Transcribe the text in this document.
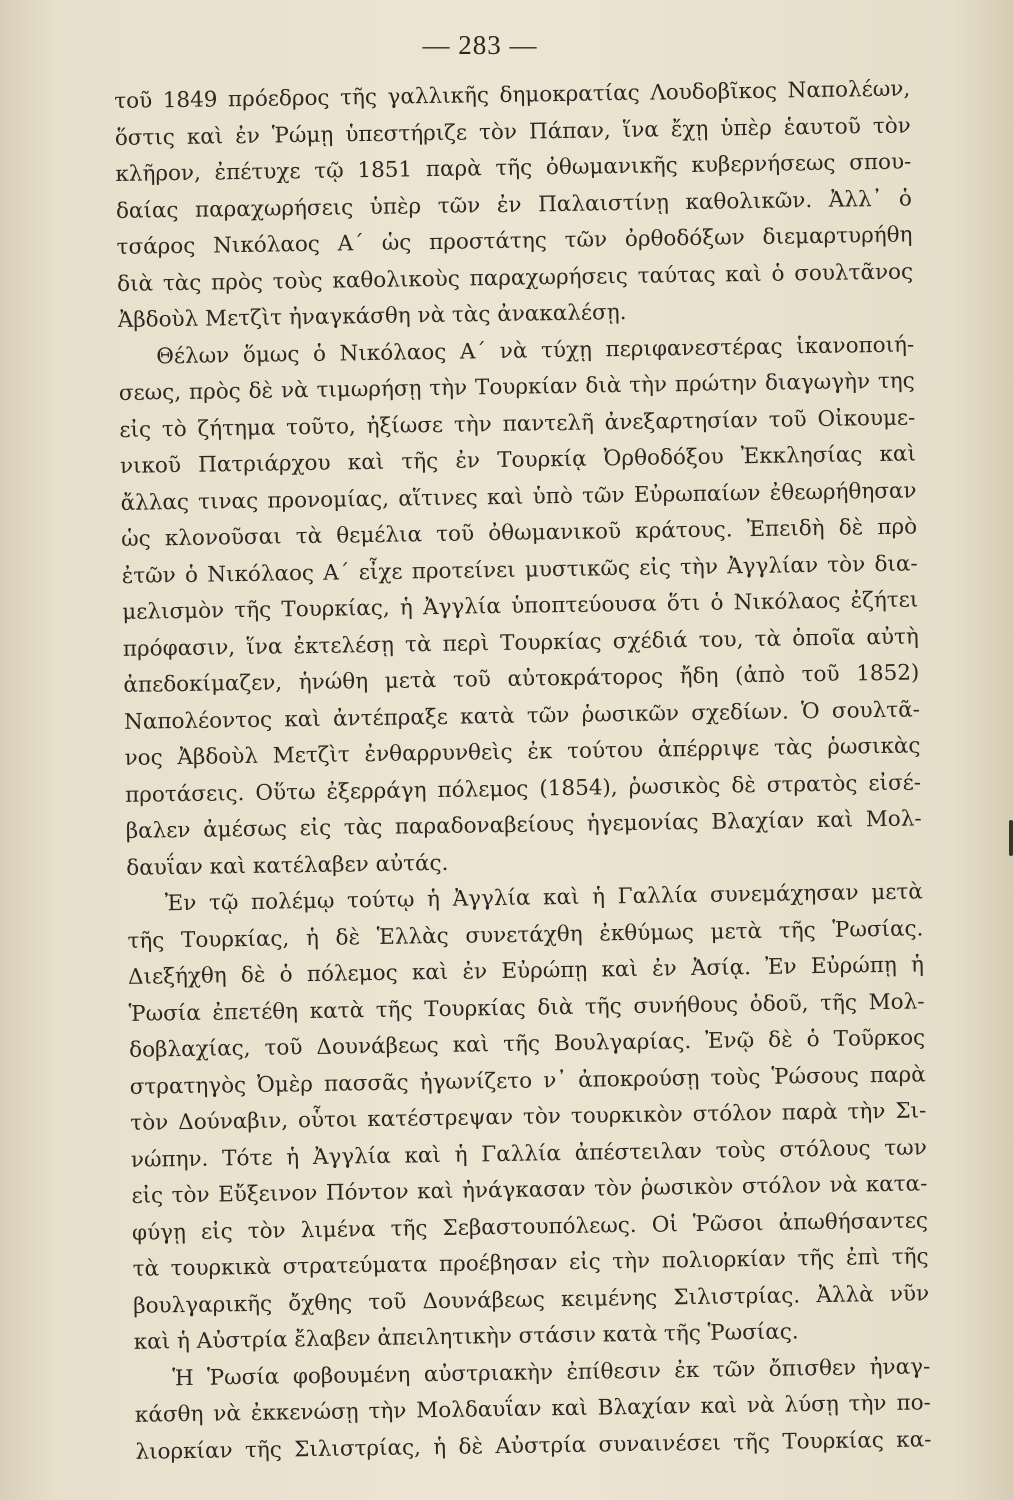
— 283 —
τοῦ 1849 πρόεδρος τῆς γαλλικῆς δημοκρατίας Λουδοβῖκος Ναπολέων,
ὅστις καὶ ἐν Ῥώμῃ ὑπεστήριζε τὸν Πάπαν, ἵνα ἔχῃ ὑπὲρ ἑαυτοῦ τὸν
κλῆρον, ἐπέτυχε τῷ 1851 παρὰ τῆς ὀθωμανικῆς κυβερνήσεως σπου-
δαίας παραχωρήσεις ὑπὲρ τῶν ἐν Παλαιστίνῃ καθολικῶν. Ἀλλ᾿ ὁ
τσάρος Νικόλαος Α΄ ὡς προστάτης τῶν ὀρθοδόξων διεμαρτυρήθη
διὰ τὰς πρὸς τοὺς καθολικοὺς παραχωρήσεις ταύτας καὶ ὁ σουλτᾶνος
Ἀβδοὺλ Μετζὶτ ἠναγκάσθη νὰ τὰς ἀνακαλέσῃ.
Θέλων ὅμως ὁ Νικόλαος Α΄ νὰ τύχῃ περιφανεστέρας ἱκανοποιή-
σεως, πρὸς δὲ νὰ τιμωρήσῃ τὴν Τουρκίαν διὰ τὴν πρώτην διαγωγὴν της
εἰς τὸ ζήτημα τοῦτο, ἠξίωσε τὴν παντελῆ ἀνεξαρτησίαν τοῦ Οἰκουμε-
νικοῦ Πατριάρχου καὶ τῆς ἐν Τουρκίᾳ Ὀρθοδόξου Ἐκκλησίας καὶ
ἄλλας τινας προνομίας, αἵτινες καὶ ὑπὸ τῶν Εὐρωπαίων ἐθεωρήθησαν
ὡς κλονοῦσαι τὰ θεμέλια τοῦ ὀθωμανικοῦ κράτους. Ἐπειδὴ δὲ πρὸ
ἐτῶν ὁ Νικόλαος Α΄ εἶχε προτείνει μυστικῶς εἰς τὴν Ἀγγλίαν τὸν δια-
μελισμὸν τῆς Τουρκίας, ἡ Ἀγγλία ὑποπτεύουσα ὅτι ὁ Νικόλαος ἐζήτει
πρόφασιν, ἵνα ἐκτελέσῃ τὰ περὶ Τουρκίας σχέδιά του, τὰ ὁποῖα αὐτὴ
ἀπεδοκίμαζεν, ἡνώθη μετὰ τοῦ αὐτοκράτορος ἤδη (ἀπὸ τοῦ 1852)
Ναπολέοντος καὶ ἀντέπραξε κατὰ τῶν ῥωσικῶν σχεδίων. Ὁ σουλτᾶ-
νος Ἀβδοὺλ Μετζὶτ ἐνθαρρυνθεὶς ἐκ τούτου ἀπέρριψε τὰς ῥωσικὰς
προτάσεις. Οὕτω ἐξερράγη πόλεμος (1854), ῥωσικὸς δὲ στρατὸς εἰσέ-
βαλεν ἀμέσως εἰς τὰς παραδοναβείους ἡγεμονίας Βλαχίαν καὶ Μολ-
δαυΐαν καὶ κατέλαβεν αὐτάς.
Ἐν τῷ πολέμῳ τούτῳ ἡ Ἀγγλία καὶ ἡ Γαλλία συνεμάχησαν μετὰ
τῆς Τουρκίας, ἡ δὲ Ἑλλὰς συνετάχθη ἐκθύμως μετὰ τῆς Ῥωσίας.
Διεξήχθη δὲ ὁ πόλεμος καὶ ἐν Εὐρώπῃ καὶ ἐν Ἀσίᾳ. Ἐν Εὐρώπῃ ἡ
Ῥωσία ἐπετέθη κατὰ τῆς Τουρκίας διὰ τῆς συνήθους ὁδοῦ, τῆς Μολ-
δοβλαχίας, τοῦ Δουνάβεως καὶ τῆς Βουλγαρίας. Ἐνῷ δὲ ὁ Τοῦρκος
στρατηγὸς Ὀμὲρ πασσᾶς ἠγωνίζετο ν᾿ ἀποκρούσῃ τοὺς Ῥώσους παρὰ
τὸν Δούναβιν, οὗτοι κατέστρεψαν τὸν τουρκικὸν στόλον παρὰ τὴν Σι-
νώπην. Τότε ἡ Ἀγγλία καὶ ἡ Γαλλία ἀπέστειλαν τοὺς στόλους των
εἰς τὸν Εὔξεινον Πόντον καὶ ἠνάγκασαν τὸν ῥωσικὸν στόλον νὰ κατα-
φύγῃ εἰς τὸν λιμένα τῆς Σεβαστουπόλεως. Οἱ Ῥῶσοι ἀπωθήσαντες
τὰ τουρκικὰ στρατεύματα προέβησαν εἰς τὴν πολιορκίαν τῆς ἐπὶ τῆς
βουλγαρικῆς ὄχθης τοῦ Δουνάβεως κειμένης Σιλιστρίας. Ἀλλὰ νῦν
καὶ ἡ Αὐστρία ἔλαβεν ἀπειλητικὴν στάσιν κατὰ τῆς Ῥωσίας.
Ἡ Ῥωσία φοβουμένη αὐστριακὴν ἐπίθεσιν ἐκ τῶν ὄπισθεν ἠναγ-
κάσθη νὰ ἐκκενώσῃ τὴν Μολδαυΐαν καὶ Βλαχίαν καὶ νὰ λύσῃ τὴν πο-
λιορκίαν τῆς Σιλιστρίας, ἡ δὲ Αὐστρία συναινέσει τῆς Τουρκίας κα-
